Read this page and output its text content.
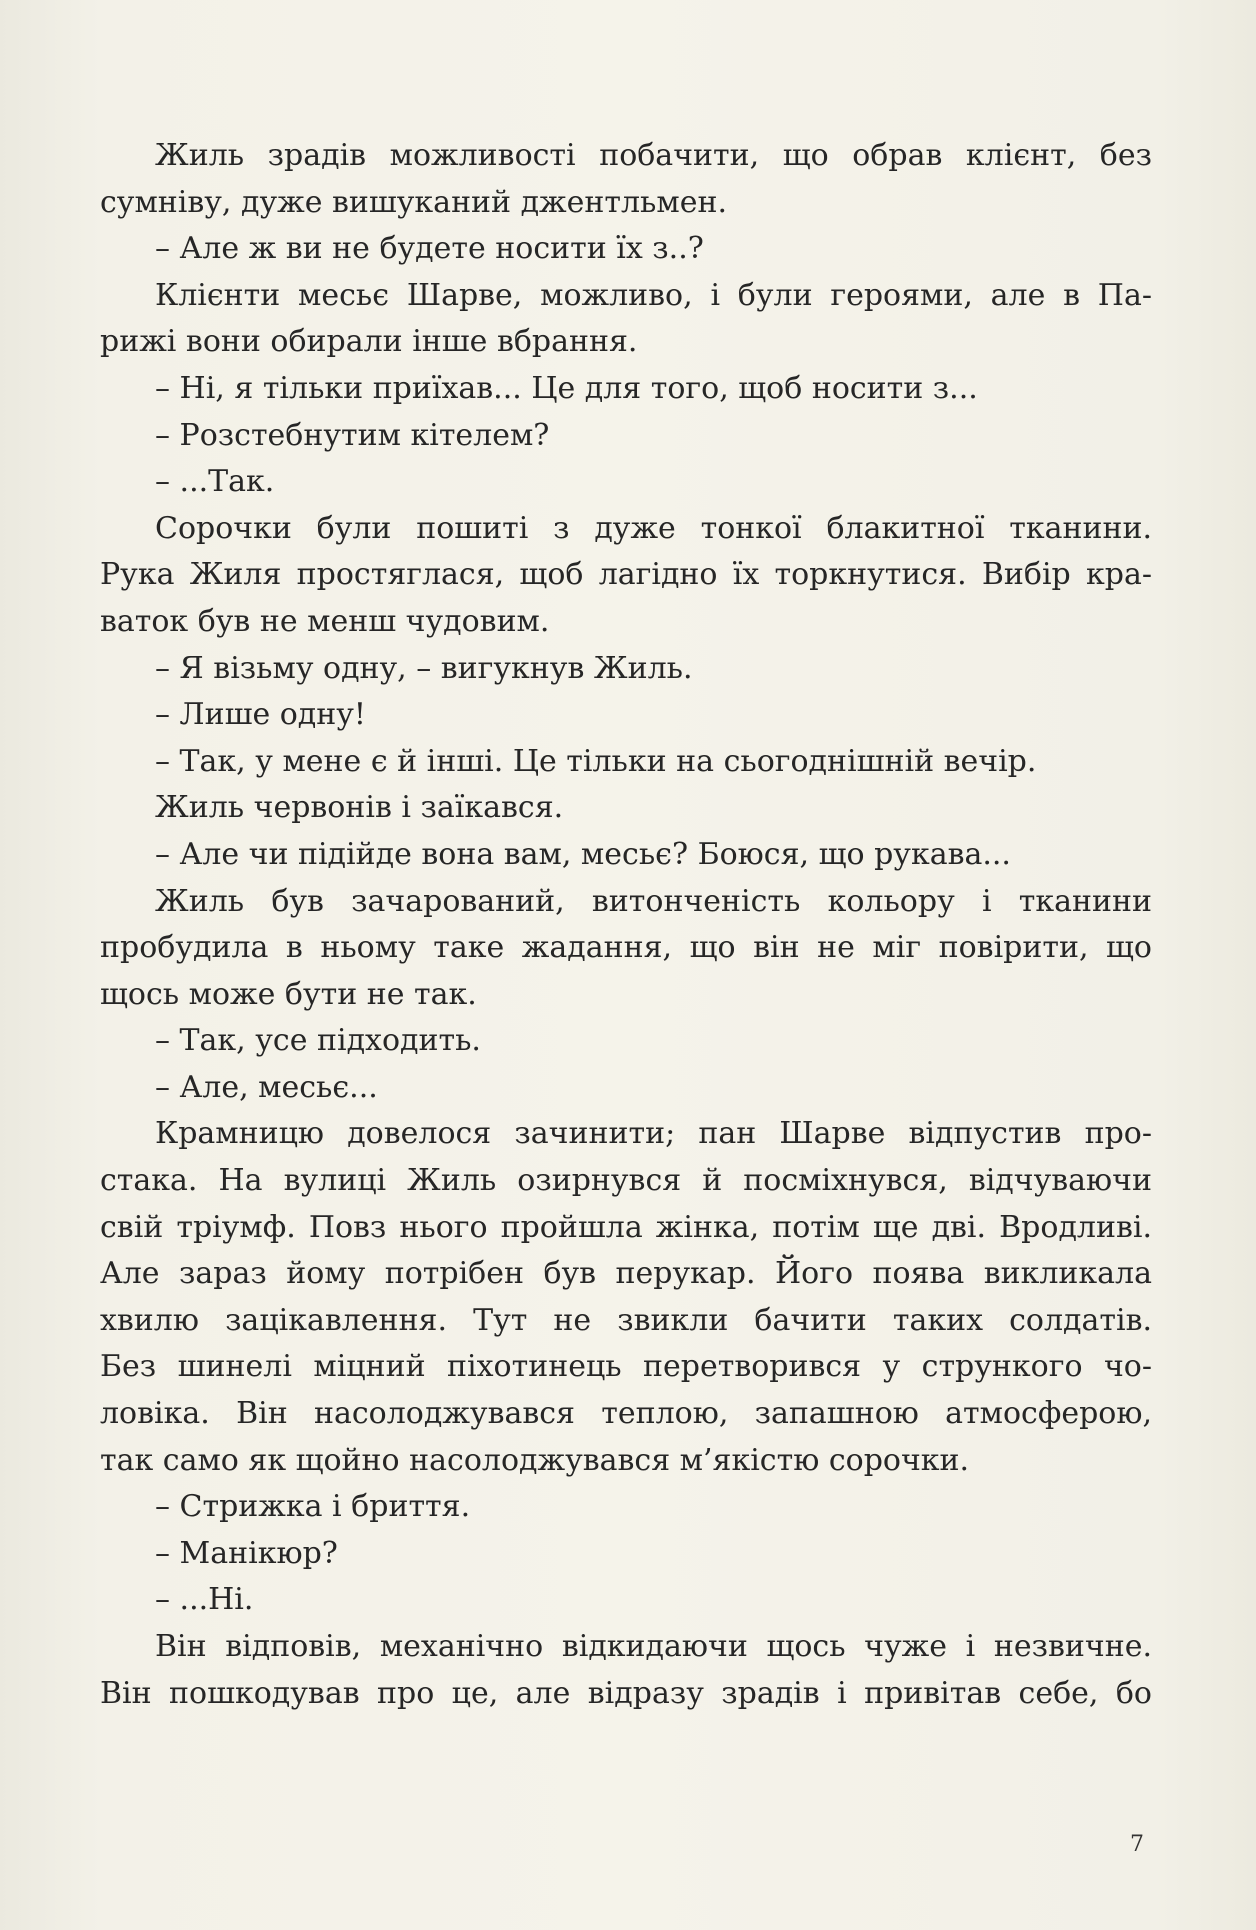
Жиль зрадів можливості побачити, що обрав клієнт, без
сумніву, дуже вишуканий джентльмен.
– Але ж ви не будете носити їх з..?
Клієнти месьє Шарве, можливо, і були героями, але в Па-
рижі вони обирали інше вбрання.
– Ні, я тільки приїхав... Це для того, щоб носити з...
– Розстебнутим кітелем?
– ...Так.
Сорочки були пошиті з дуже тонкої блакитної тканини.
Рука Жиля простяглася, щоб лагідно їх торкнутися. Вибір кра-
ваток був не менш чудовим.
– Я візьму одну, – вигукнув Жиль.
– Лише одну!
– Так, у мене є й інші. Це тільки на сьогоднішній вечір.
Жиль червонів і заїкався.
– Але чи підійде вона вам, месьє? Боюся, що рукава...
Жиль був зачарований, витонченість кольору і тканини
пробудила в ньому таке жадання, що він не міг повірити, що
щось може бути не так.
– Так, усе підходить.
– Але, месьє...
Крамницю довелося зачинити; пан Шарве відпустив про-
стака. На вулиці Жиль озирнувся й посміхнувся, відчуваючи
свій тріумф. Повз нього пройшла жінка, потім ще дві. Вродливі.
Але зараз йому потрібен був перукар. Його поява викликала
хвилю зацікавлення. Тут не звикли бачити таких солдатів.
Без шинелі міцний піхотинець перетворився у стрункого чо-
ловіка. Він насолоджувався теплою, запашною атмосферою,
так само як щойно насолоджувався м’якістю сорочки.
– Стрижка і бриття.
– Манікюр?
– ...Ні.
Він відповів, механічно відкидаючи щось чуже і незвичне.
Він пошкодував про це, але відразу зрадів і привітав себе, бо
7
